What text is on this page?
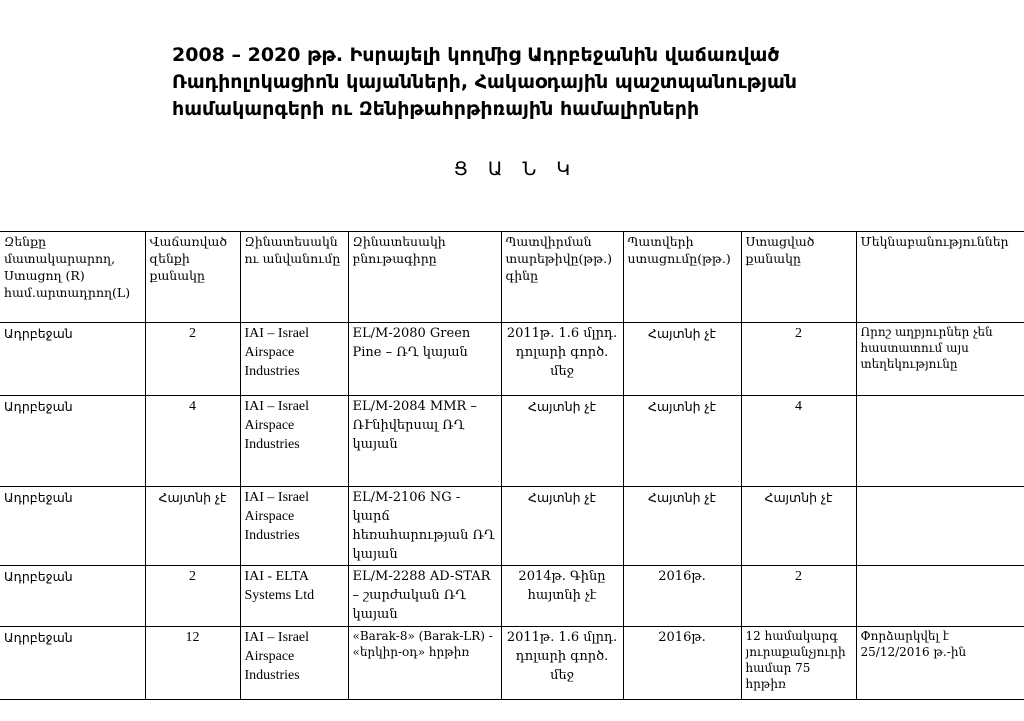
2008 – 2020 թթ. Իսրայելի կողմից Ադրբեջանին վաճառված
Ռադիոլոկացիոն կայանների, Հակաօդային պաշտպանության
համակարգերի ու Զենիթահրթիռային համալիրների
ՑԱՆԿ
Զենքը մատակարարող, Ստացող (R) համ.արտադրող(L)	Վաճառված զենքի քանակը	Զինատեսակն ու անվանումը	Զինատեսակի բնութագիրը	Պատվիրման տարեթիվը(թթ.) գինը	Պատվերի ստացումը(թթ.)	Ստացված քանակը	Մեկնաբանություններ
Ադրբեջան	2	IAI – Israel Airspace Industries	EL/M-2080 Green Pine – ՌՂ կայան	2011թ. 1.6 մլրդ. դոլարի գործ. մեջ	Հայտնի չէ	2	Որոշ աղբյուրներ չեն հաստատում այս տեղեկությունը
Ադրբեջան	4	IAI – Israel Airspace Industries	EL/M-2084 MMR – ՌՒնիվերսալ ՌՂ կայան	Հայտնի չէ	Հայտնի չէ	4	
Ադրբեջան	Հայտնի չէ	IAI – Israel Airspace Industries	EL/M-2106 NG - կարճ հեռահարության ՌՂ կայան	Հայտնի չէ	Հայտնի չէ	Հայտնի չէ	
Ադրբեջան	2	IAI - ELTA Systems Ltd	EL/M-2288 AD-STAR – շարժական ՌՂ կայան	2014թ. Գինը հայտնի չէ	2016թ.	2	
Ադրբեջան	12	IAI – Israel Airspace Industries	«Barak-8» (Barak-LR) - «երկիր-օդ» հրթիռ	2011թ. 1.6 մլրդ. դոլարի գործ. մեջ	2016թ.	12 համակարգ յուրաքանչյուրի համար 75 հրթիռ	Փորձարկվել է 25/12/2016 թ.-ին
